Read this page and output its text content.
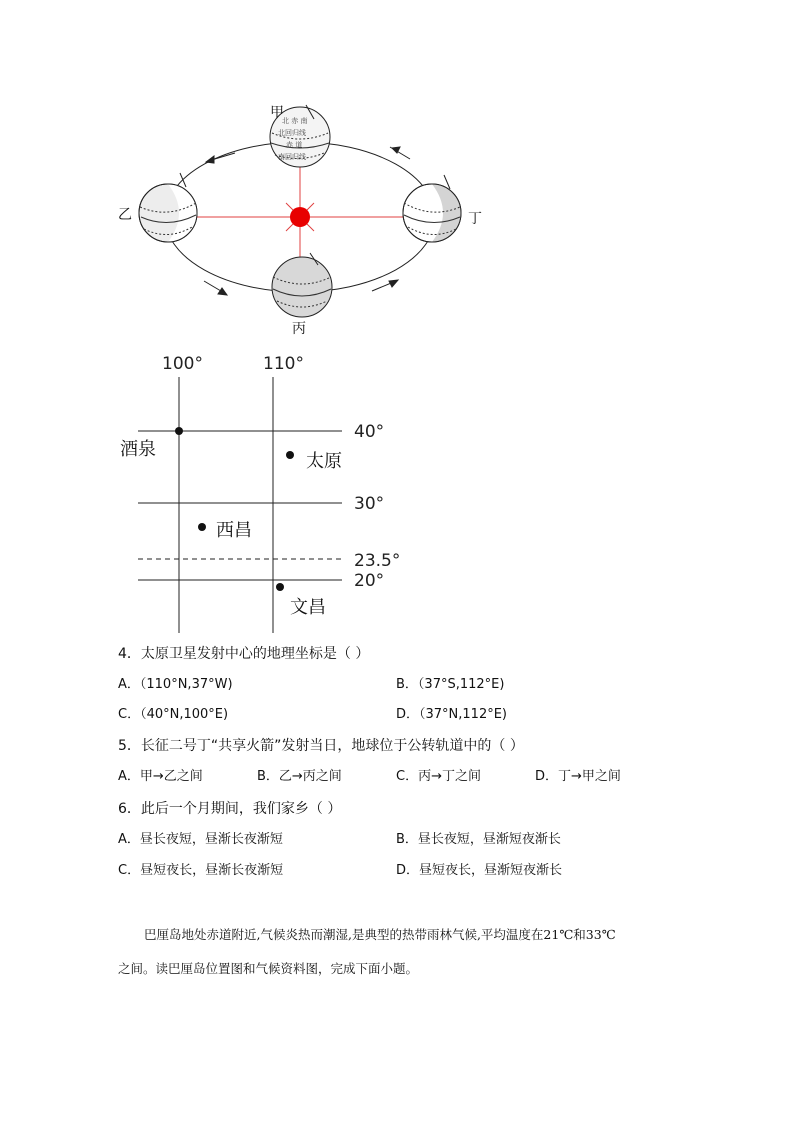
北 赤 南
北回归线
赤 道
南回归线
甲
乙	丁
丙
100°	110°
40°
30°
23.5°
20°
酒泉
太原
西昌
文昌
4．太原卫星发射中心的地理坐标是（ ）
A．（110°N,37°W)	B．（37°S,112°E)
C．（40°N,100°E)	D．（37°N,112°E)
5．长征二号丁“共享火箭”发射当日，地球位于公转轨道中的（ ）
A．甲→乙之间	B．乙→丙之间	C．丙→丁之间	D．丁→甲之间
6．此后一个月期间，我们家乡（ ）
A．昼长夜短，昼渐长夜渐短	B．昼长夜短，昼渐短夜渐长
C．昼短夜长，昼渐长夜渐短	D．昼短夜长，昼渐短夜渐长
巴厘岛地处赤道附近,气候炎热而潮湿,是典型的热带雨林气候,平均温度在21℃和33℃
之间。读巴厘岛位置图和气候资料图，完成下面小题。
